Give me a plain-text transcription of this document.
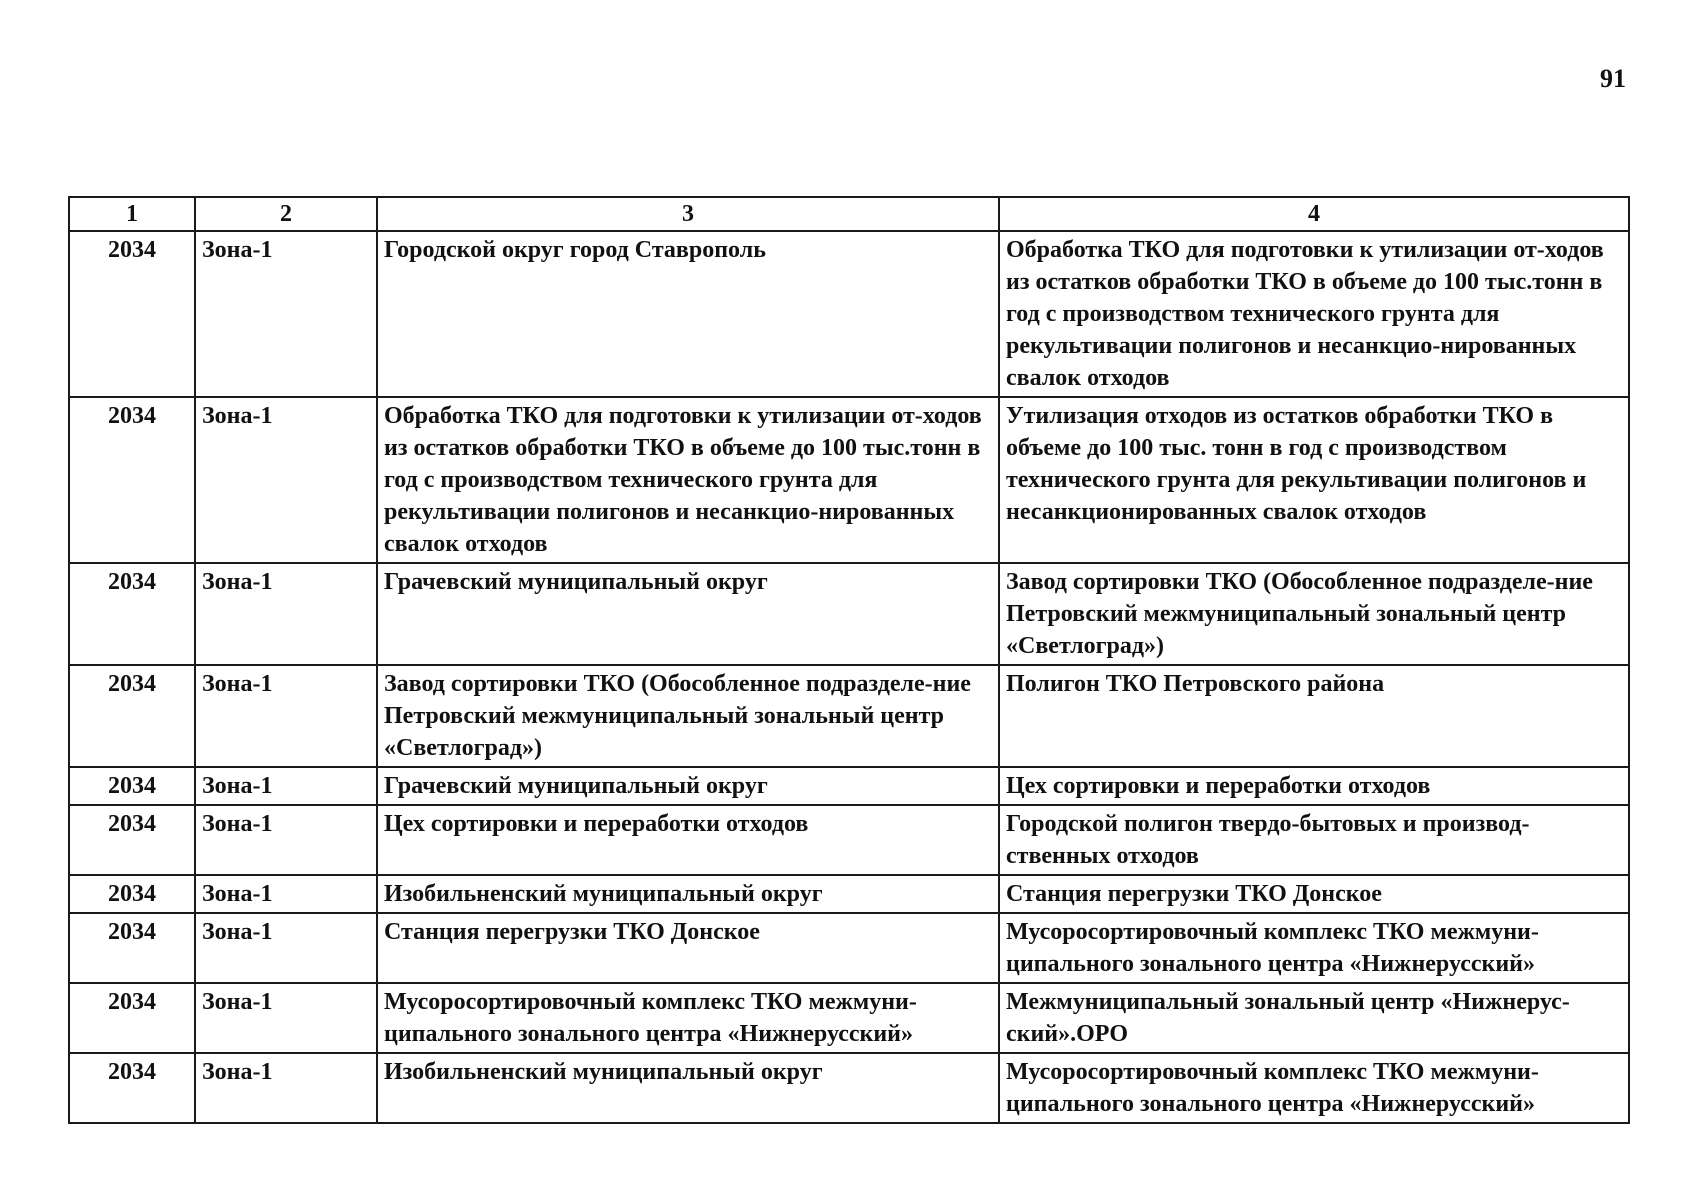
91
1	2	3	4
2034	Зона-1	Городской округ город Ставрополь	Обработка ТКО для подготовки к утилизации от-ходов из остатков обработки ТКО в объеме до 100 тыс.тонн в год с производством технического грунта для рекультивации полигонов и несанкцио-нированных свалок отходов
2034	Зона-1	Обработка ТКО для подготовки к утилизации от-ходов из остатков обработки ТКО в объеме до 100 тыс.тонн в год с производством технического грунта для рекультивации полигонов и несанкцио-нированных свалок отходов	Утилизация отходов из остатков обработки ТКО в объеме до 100 тыс. тонн в год с производством технического грунта для рекультивации полигонов и несанкционированных свалок отходов
2034	Зона-1	Грачевский муниципальный округ	Завод сортировки ТКО (Обособленное подразделе-ние Петровский межмуниципальный зональный центр «Светлоград»)
2034	Зона-1	Завод сортировки ТКО (Обособленное подразделе-ние Петровский межмуниципальный зональный центр «Светлоград»)	Полигон ТКО Петровского района
2034	Зона-1	Грачевский муниципальный округ	Цех сортировки и переработки отходов
2034	Зона-1	Цех сортировки и переработки отходов	Городской полигон твердо-бытовых и производ-ственных отходов
2034	Зона-1	Изобильненский муниципальный округ	Станция перегрузки ТКО Донское
2034	Зона-1	Станция перегрузки ТКО Донское	Мусоросортировочный комплекс ТКО межмуни-ципального зонального центра «Нижнерусский»
2034	Зона-1	Мусоросортировочный комплекс ТКО межмуни-ципального зонального центра «Нижнерусский»	Межмуниципальный зональный центр «Нижнерус-ский».ОРО
2034	Зона-1	Изобильненский муниципальный округ	Мусоросортировочный комплекс ТКО межмуни-ципального зонального центра «Нижнерусский»
